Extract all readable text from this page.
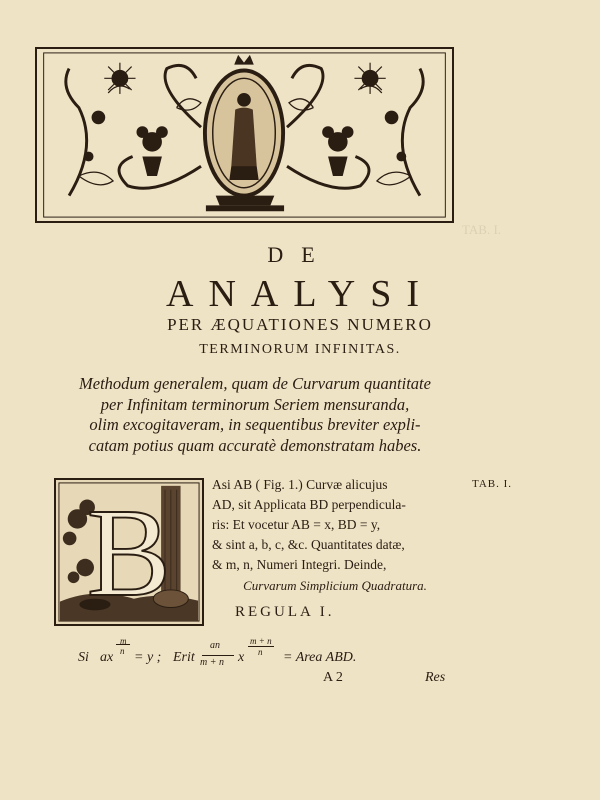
TAB. I.
DE
ANALYSI
PER ÆQUATIONES NUMERO
TERMINORUM INFINITAS.
Methodum generalem, quam de Curvarum quantitate
per Infinitam terminorum Seriem mensuranda,
olim excogitaveram, in sequentibus breviter expli-
catam potius quam accuratè demonstratam habes.
B	Asi AB ( Fig. 1.) Curvæ alicujus
AD, sit Applicata BD perpendicula-
ris: Et vocetur AB = x, BD = y,
& sint a, b, c, &c. Quantitates datæ,
& m, n, Numeri Integri. Deinde,
TAB. I.
Curvarum Simplicium Quadratura.
REGULA I.
Si ax
m
n = y ; Erit
an
m + n x
m + n
n = Area ABD.
A 2	Res
